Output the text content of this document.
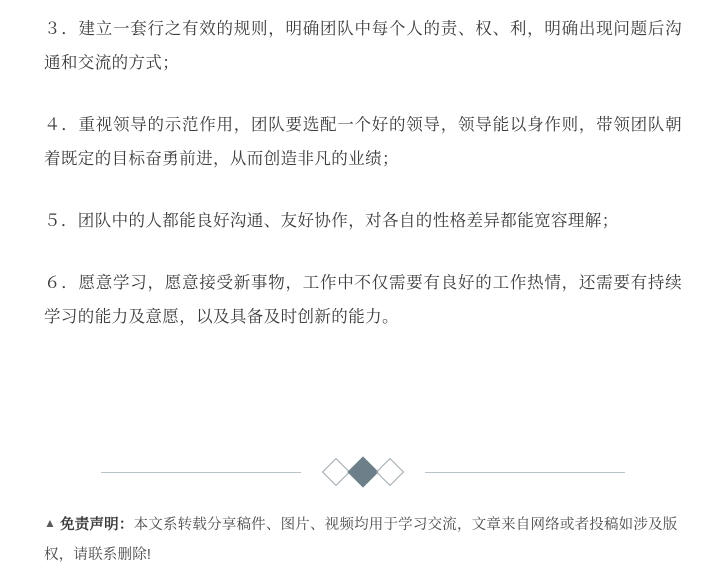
３．建立一套行之有效的规则，明确团队中每个人的责、权、利，明确出现问题后沟通和交流的方式；

４．重视领导的示范作用，团队要选配一个好的领导，领导能以身作则，带领团队朝着既定的目标奋勇前进，从而创造非凡的业绩；

５．团队中的人都能良好沟通、友好协作，对各自的性格差异都能宽容理解；

６．愿意学习，愿意接受新事物，工作中不仅需要有良好的工作热情，还需要有持续学习的能力及意愿，以及具备及时创新的能力。

▲ 免责声明：本文系转载分享稿件、图片、视频均用于学习交流，文章来自网络或者投稿如涉及版权，请联系删除!
